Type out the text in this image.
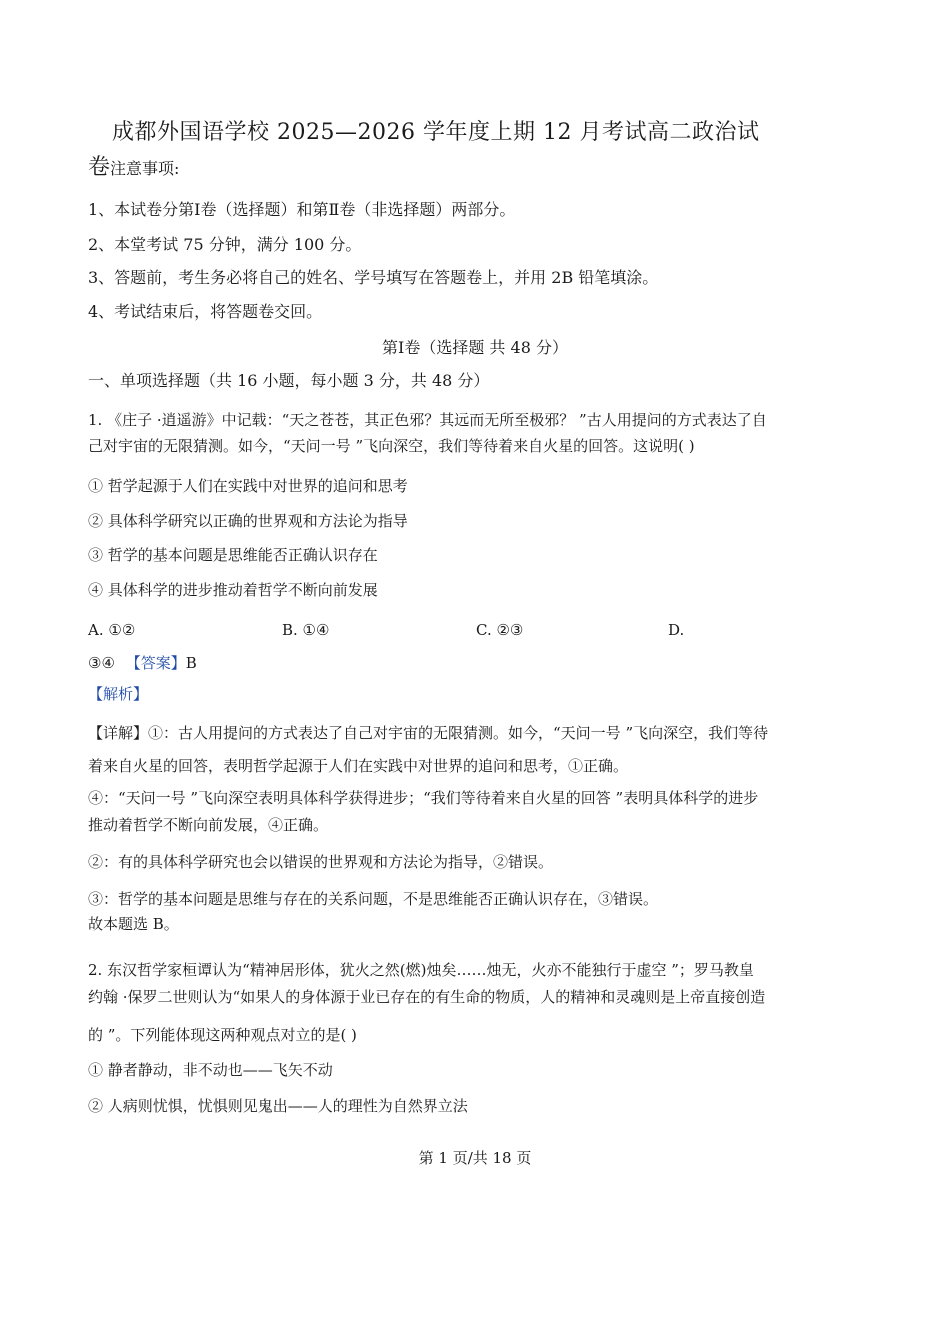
成都外国语学校 2025—2026 学年度上期 12 月考试高二政治试
卷注意事项:
1、本试卷分第Ⅰ卷（选择题）和第Ⅱ卷（非选择题）两部分。
2、本堂考试 75 分钟，满分 100 分。
3、答题前，考生务必将自己的姓名、学号填写在答题卷上，并用 2B 铅笔填涂。
4、考试结束后，将答题卷交回。
第Ⅰ卷（选择题 共 48 分）
一、单项选择题（共 16 小题，每小题 3 分，共 48 分）
1. 《庄子 ·逍遥游》中记载：“天之苍苍，其正色邪？其远而无所至极邪？ ”古人用提问的方式表达了自
己对宇宙的无限猜测。如今，“天问一号 ”飞向深空，我们等待着来自火星的回答。这说明( )
① 哲学起源于人们在实践中对世界的追问和思考
② 具体科学研究以正确的世界观和方法论为指导
③ 哲学的基本问题是思维能否正确认识存在
④ 具体科学的进步推动着哲学不断向前发展
A. ①②	B. ①④	C. ②③	D.
③④ 【答案】B
【解析】
【详解】①：古人用提问的方式表达了自己对宇宙的无限猜测。如今，“天问一号 ”飞向深空，我们等待
着来自火星的回答，表明哲学起源于人们在实践中对世界的追问和思考，①正确。
④：“天问一号 ”飞向深空表明具体科学获得进步；“我们等待着来自火星的回答 ”表明具体科学的进步
推动着哲学不断向前发展，④正确。
②：有的具体科学研究也会以错误的世界观和方法论为指导，②错误。
③：哲学的基本问题是思维与存在的关系问题，不是思维能否正确认识存在，③错误。
故本题选 B。
2. 东汉哲学家桓谭认为“精神居形体，犹火之然(燃)烛矣……烛无，火亦不能独行于虚空 ”；罗马教皇
约翰 ·保罗二世则认为“如果人的身体源于业已存在的有生命的物质，人的精神和灵魂则是上帝直接创造
的 ”。下列能体现这两种观点对立的是( )
① 静者静动，非不动也——飞矢不动
② 人病则忧惧，忧惧则见鬼出——人的理性为自然界立法
第 1 页/共 18 页
